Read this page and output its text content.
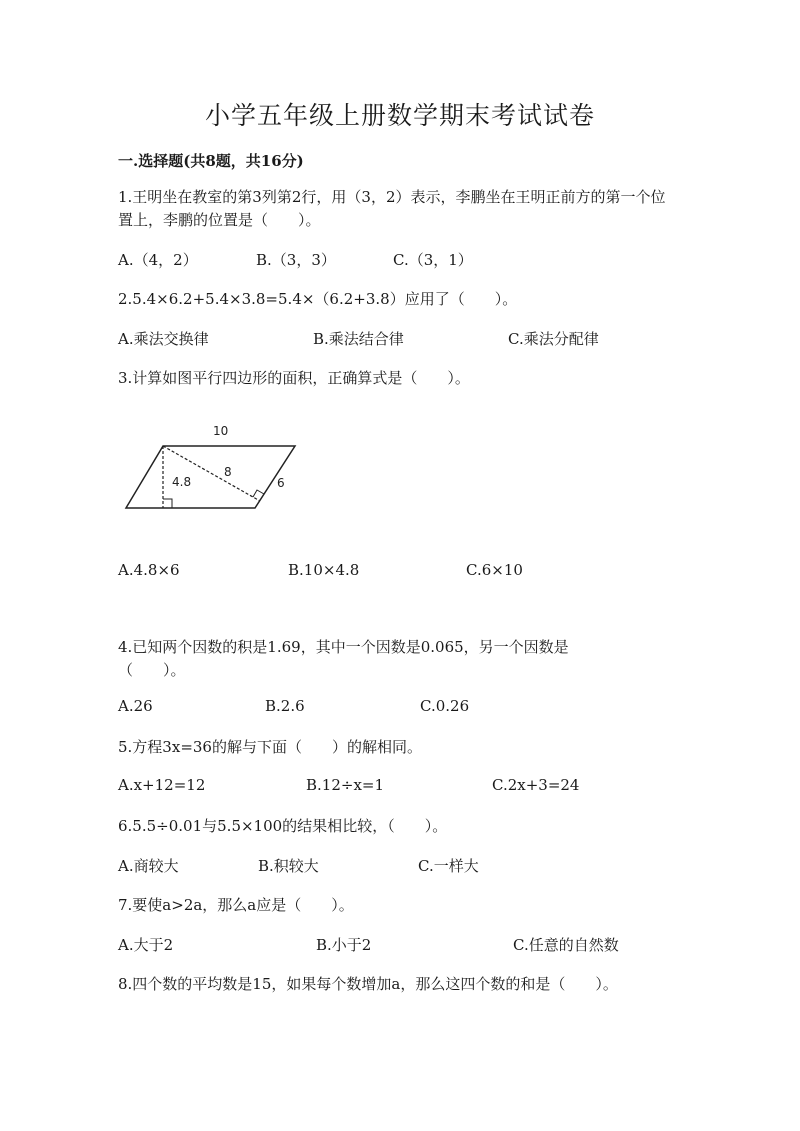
小学五年级上册数学期末考试试卷
一.选择题(共8题，共16分)
1.王明坐在教室的第3列第2行，用（3，2）表示，李鹏坐在王明正前方的第一个位置上，李鹏的位置是（　　）。
A.（4，2）	B.（3，3）	C.（3，1）
2.5.4×6.2+5.4×3.8=5.4×（6.2+3.8）应用了（　　）。
A.乘法交换律	B.乘法结合律	C.乘法分配律
3.计算如图平行四边形的面积，正确算式是（　　）。
10
8
4.8	6
A.4.8×6	B.10×4.8	C.6×10
4.已知两个因数的积是1.69，其中一个因数是0.065，另一个因数是（　　）。
A.26	B.2.6	C.0.26
5.方程3x=36的解与下面（　　）的解相同。
A.x+12=12	B.12÷x=1	C.2x+3=24
6.5.5÷0.01与5.5×100的结果相比较，（　　）。
A.商较大	B.积较大	C.一样大
7.要使a>2a，那么a应是（　　）。
A.大于2	B.小于2	C.任意的自然数
8.四个数的平均数是15，如果每个数增加a，那么这四个数的和是（　　）。
